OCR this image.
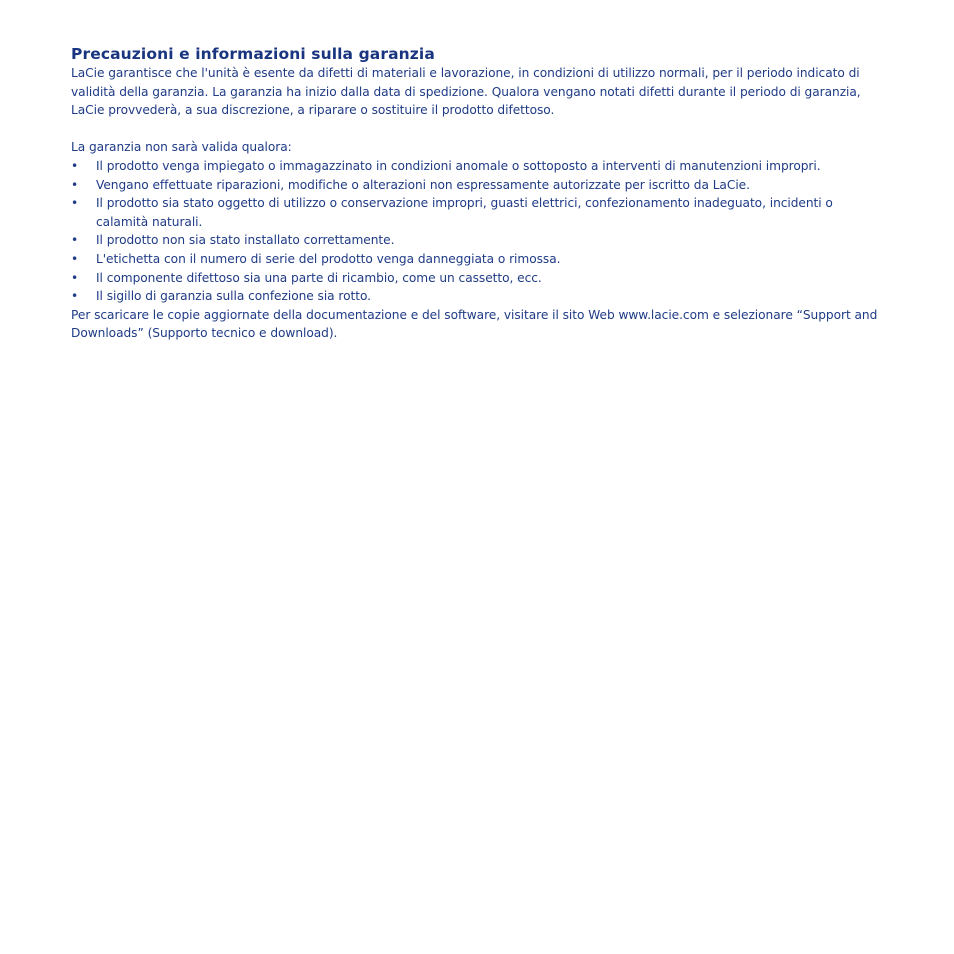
Precauzioni e informazioni sulla garanzia

LaCie garantisce che l'unità è esente da difetti di materiali e lavorazione, in condizioni di utilizzo normali, per il periodo indicato di validità della garanzia. La garanzia ha inizio dalla data di spedizione. Qualora vengano notati difetti durante il periodo di garanzia, LaCie provvederà, a sua discrezione, a riparare o sostituire il prodotto difettoso.

La garanzia non sarà valida qualora:

•	Il prodotto venga impiegato o immagazzinato in condizioni anomale o sottoposto a interventi di manutenzioni impropri.
•	Vengano effettuate riparazioni, modifiche o alterazioni non espressamente autorizzate per iscritto da LaCie.
•	Il prodotto sia stato oggetto di utilizzo o conservazione impropri, guasti elettrici, confezionamento inadeguato, incidenti o calamità naturali.
•	Il prodotto non sia stato installato correttamente.
•	L'etichetta con il numero di serie del prodotto venga danneggiata o rimossa.
•	Il componente difettoso sia una parte di ricambio, come un cassetto, ecc.
•	Il sigillo di garanzia sulla confezione sia rotto.

Per scaricare le copie aggiornate della documentazione e del software, visitare il sito Web www.lacie.com e selezionare “Support and Downloads” (Supporto tecnico e download).
